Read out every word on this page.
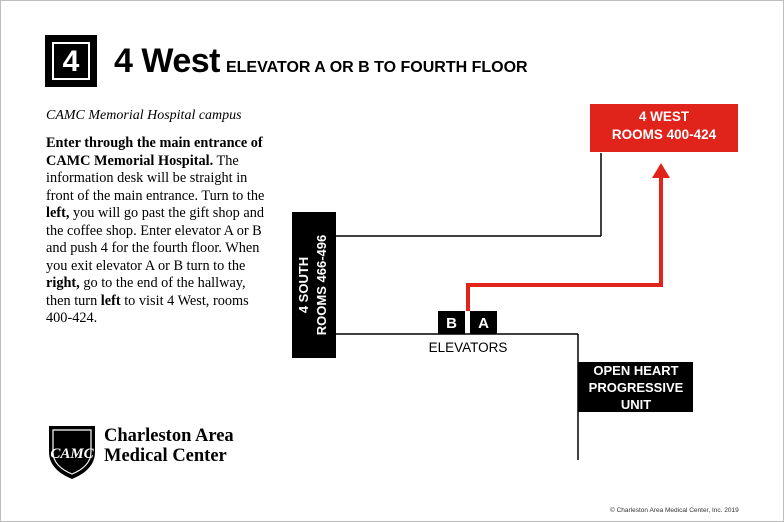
4	4 West ELEVATOR A OR B TO FOURTH FLOOR
CAMC Memorial Hospital campus
Enter through the main entrance of CAMC Memorial Hospital. The information desk will be straight in front of the main entrance. Turn to the left, you will go past the gift shop and the coffee shop. Enter elevator A or B and push 4 for the fourth floor. When you exit elevator A or B turn to the right, go to the end of the hallway, then turn left to visit 4 West, rooms 400-424.
4 WEST
ROOMS 400-424
4 SOUTH ROOMS 466-496	B A
ELEVATORS
OPEN HEART
PROGRESSIVE
UNIT
CAMC
Charleston Area
Medical Center
© Charleston Area Medical Center, Inc. 2019
